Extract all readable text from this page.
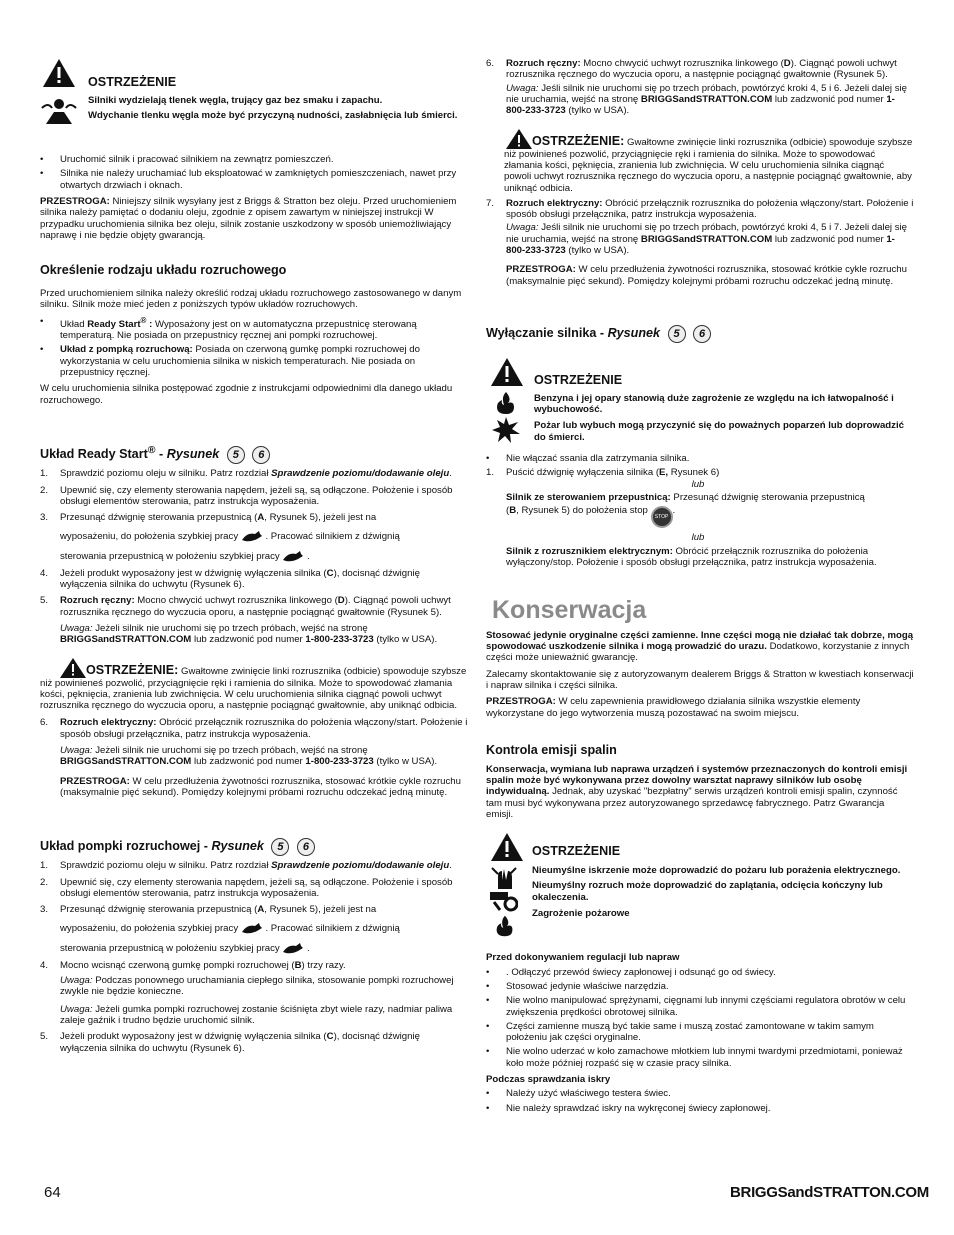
OSTRZEŻENIE

Silniki wydzielają tlenek węgla, trujący gaz bez smaku i zapachu.

Wdychanie tlenku węgla może być przyczyną nudności, zasłabnięcia lub śmierci.

• Uruchomić silnik i pracować silnikiem na zewnątrz pomieszczeń.
• Silnika nie należy uruchamiać lub eksploatować w zamkniętych pomieszczeniach, nawet przy otwartych drzwiach i oknach.

PRZESTROGA: Niniejszy silnik wysyłany jest z Briggs & Stratton bez oleju. Przed uruchomieniem silnika należy pamiętać o dodaniu oleju, zgodnie z opisem zawartym w niniejszej instrukcji W przypadku uruchomienia silnika bez oleju, silnik zostanie uszkodzony w sposób uniemożliwiający naprawę i nie będzie objęty gwarancją.

Określenie rodzaju układu rozruchowego

Przed uruchomieniem silnika należy określić rodzaj układu rozruchowego zastosowanego w danym silniku. Silnik może mieć jeden z poniższych typów układów rozruchowych.

• Układ Ready Start® : Wyposażony jest on w automatyczna przepustnicę sterowaną temperaturą. Nie posiada on przepustnicy ręcznej ani pompki rozruchowej.
• Układ z pompką rozruchową: Posiada on czerwoną gumkę pompki rozruchowej do wykorzystania w celu uruchomienia silnika w niskich temperaturach. Nie posiada on przepustnicy ręcznej.

W celu uruchomienia silnika postępować zgodnie z instrukcjami odpowiednimi dla danego układu rozruchowego.

Układ Ready Start® - Rysunek 5 6
1. Sprawdzić poziomu oleju w silniku. Patrz rozdział Sprawdzenie poziomu/dodawanie oleju.
2. Upewnić się, czy elementy sterowania napędem, jeżeli są, są odłączone. Położenie i sposób obsługi elementów sterowania, patrz instrukcja wyposażenia.
3. Przesunąć dźwignię sterowania przepustnicą (A, Rysunek 5), jeżeli jest na

wyposażeniu, do położenia szybkiej pracy	. Pracować silnikiem z dźwignią

sterowania przepustnicą w położeniu szybkiej pracy	.
4. Jeżeli produkt wyposażony jest w dźwignię wyłączenia silnika (C), docisnąć dźwignię wyłączenia silnika do uchwytu (Rysunek 6).
5. Rozruch ręczny: Mocno chwycić uchwyt rozrusznika linkowego (D). Ciągnąć powoli uchwyt rozrusznika ręcznego do wyczucia oporu, a następnie pociągnąć gwałtownie (Rysunek 5).

Uwaga: Jeżeli silnik nie uruchomi się po trzech próbach, wejść na stronę BRIGGSandSTRATTON.COM lub zadzwonić pod numer 1-800-233-3723 (tylko w USA).

OSTRZEŻENIE: Gwałtowne zwinięcie linki rozrusznika (odbicie) spowoduje szybsze niż powinieneś pozwolić, przyciągnięcie ręki i ramienia do silnika. Może to spowodować złamania kości, pęknięcia, zranienia lub zwichnięcia. W celu uruchomienia silnika ciągnąć powoli uchwyt rozrusznika ręcznego do wyczucia oporu, a następnie pociągnąć gwałtownie, aby uniknąć odbicia.

6. Rozruch elektryczny: Obrócić przełącznik rozrusznika do położenia włączony/start. Położenie i sposób obsługi przełącznika, patrz instrukcja wyposażenia.

Uwaga: Jeżeli silnik nie uruchomi się po trzech próbach, wejść na stronę BRIGGSandSTRATTON.COM lub zadzwonić pod numer 1-800-233-3723 (tylko w USA).

PRZESTROGA: W celu przedłużenia żywotności rozrusznika, stosować krótkie cykle rozruchu (maksymalnie pięć sekund). Pomiędzy kolejnymi próbami rozruchu odczekać jedną minutę.

Układ pompki rozruchowej - Rysunek 5 6
1. Sprawdzić poziomu oleju w silniku. Patrz rozdział Sprawdzenie poziomu/dodawanie oleju.
2. Upewnić się, czy elementy sterowania napędem, jeżeli są, są odłączone. Położenie i sposób obsługi elementów sterowania, patrz instrukcja wyposażenia.
3. Przesunąć dźwignię sterowania przepustnicą (A, Rysunek 5), jeżeli jest na

wyposażeniu, do położenia szybkiej pracy	. Pracować silnikiem z dźwignią

sterowania przepustnicą w położeniu szybkiej pracy	.
4. Mocno wcisnąć czerwoną gumkę pompki rozruchowej (B) trzy razy.

Uwaga: Podczas ponownego uruchamiania ciepłego silnika, stosowanie pompki rozruchowej zwykle nie będzie konieczne.

Uwaga: Jeżeli gumka pompki rozruchowej zostanie ściśnięta zbyt wiele razy, nadmiar paliwa zaleje gaźnik i trudno będzie uruchomić silnik.

5. Jeżeli produkt wyposażony jest w dźwignię wyłączenia silnika (C), docisnąć dźwignię wyłączenia silnika do uchwytu (Rysunek 6).
6. Rozruch ręczny: Mocno chwycić uchwyt rozrusznika linkowego (D). Ciągnąć powoli uchwyt rozrusznika ręcznego do wyczucia oporu, a następnie pociągnąć gwałtownie (Rysunek 5).

Uwaga: Jeśli silnik nie uruchomi się po trzech próbach, powtórzyć kroki 4, 5 i 6. Jeżeli dalej się nie uruchamia, wejść na stronę BRIGGSandSTRATTON.COM lub zadzwonić pod numer 1-800-233-3723 (tylko w USA).

OSTRZEŻENIE: Gwałtowne zwinięcie linki rozrusznika (odbicie) spowoduje szybsze niż powinieneś pozwolić, przyciągnięcie ręki i ramienia do silnika. Może to spowodować złamania kości, pęknięcia, zranienia lub zwichnięcia. W celu uruchomienia silnika ciągnąć powoli uchwyt rozrusznika ręcznego do wyczucia oporu, a następnie pociągnąć gwałtownie, aby uniknąć odbicia.

7. Rozruch elektryczny: Obrócić przełącznik rozrusznika do położenia włączony/start. Położenie i sposób obsługi przełącznika, patrz instrukcja wyposażenia.

Uwaga: Jeśli silnik nie uruchomi się po trzech próbach, powtórzyć kroki 4, 5 i 7. Jeżeli dalej się nie uruchamia, wejść na stronę BRIGGSandSTRATTON.COM lub zadzwonić pod numer 1-800-233-3723 (tylko w USA).

PRZESTROGA: W celu przedłużenia żywotności rozrusznika, stosować krótkie cykle rozruchu (maksymalnie pięć sekund). Pomiędzy kolejnymi próbami rozruchu odczekać jedną minutę.

Wyłączanie silnika - Rysunek 5 6
OSTRZEŻENIE

Benzyna i jej opary stanowią duże zagrożenie ze względu na ich łatwopalność i wybuchowość.

Pożar lub wybuch mogą przyczynić się do poważnych poparzeń lub doprowadzić do śmierci.

• Nie włączać ssania dla zatrzymania silnika.
1. Puścić dźwignię wyłączenia silnika (E, Rysunek 6)

lub

Silnik ze sterowaniem przepustnicą: Przesunąć dźwignię sterowania przepustnicą

(B, Rysunek 5) do położenia stop STOP.

lub

Silnik z rozrusznikiem elektrycznym: Obrócić przełącznik rozrusznika do położenia wyłączony/stop. Położenie i sposób obsługi przełącznika, patrz instrukcja wyposażenia.

Konserwacja

Stosować jedynie oryginalne części zamienne. Inne części mogą nie działać tak dobrze, mogą spowodować uszkodzenie silnika i mogą prowadzić do urazu. Dodatkowo, korzystanie z innych części może unieważnić gwarancję.

Zalecamy skontaktowanie się z autoryzowanym dealerem Briggs & Stratton w kwestiach konserwacji i napraw silnika i części silnika.

PRZESTROGA: W celu zapewnienia prawidłowego działania silnika wszystkie elementy wykorzystane do jego wytworzenia muszą pozostawać na swoim miejscu.

Kontrola emisji spalin

Konserwacja, wymiana lub naprawa urządzeń i systemów przeznaczonych do kontroli emisji spalin może być wykonywana przez dowolny warsztat naprawy silników lub osobę indywidualną. Jednak, aby uzyskać "bezpłatny" serwis urządzeń kontroli emisji spalin, czynność tam musi być wykonywana przez autoryzowanego sprzedawcę fabrycznego. Patrz Gwarancja emisji.

OSTRZEŻENIE

Nieumyślne iskrzenie może doprowadzić do pożaru lub porażenia elektrycznego.

Nieumyślny rozruch może doprowadzić do zaplątania, odcięcia kończyny lub okaleczenia.

Zagrożenie pożarowe

Przed dokonywaniem regulacji lub napraw

• . Odłączyć przewód świecy zapłonowej i odsunąć go od świecy.
• Stosować jedynie właściwe narzędzia.
• Nie wolno manipulować sprężynami, cięgnami lub innymi częściami regulatora obrotów w celu zwiększenia prędkości obrotowej silnika.
• Części zamienne muszą być takie same i muszą zostać zamontowane w takim samym położeniu jak części oryginalne.
• Nie wolno uderzać w koło zamachowe młotkiem lub innymi twardymi przedmiotami, ponieważ koło może później rozpaść się w czasie pracy silnika.

Podczas sprawdzania iskry

• Należy użyć właściwego testera świec.
• Nie należy sprawdzać iskry na wykręconej świecy zapłonowej.
64	BRIGGSandSTRATTON.COM
